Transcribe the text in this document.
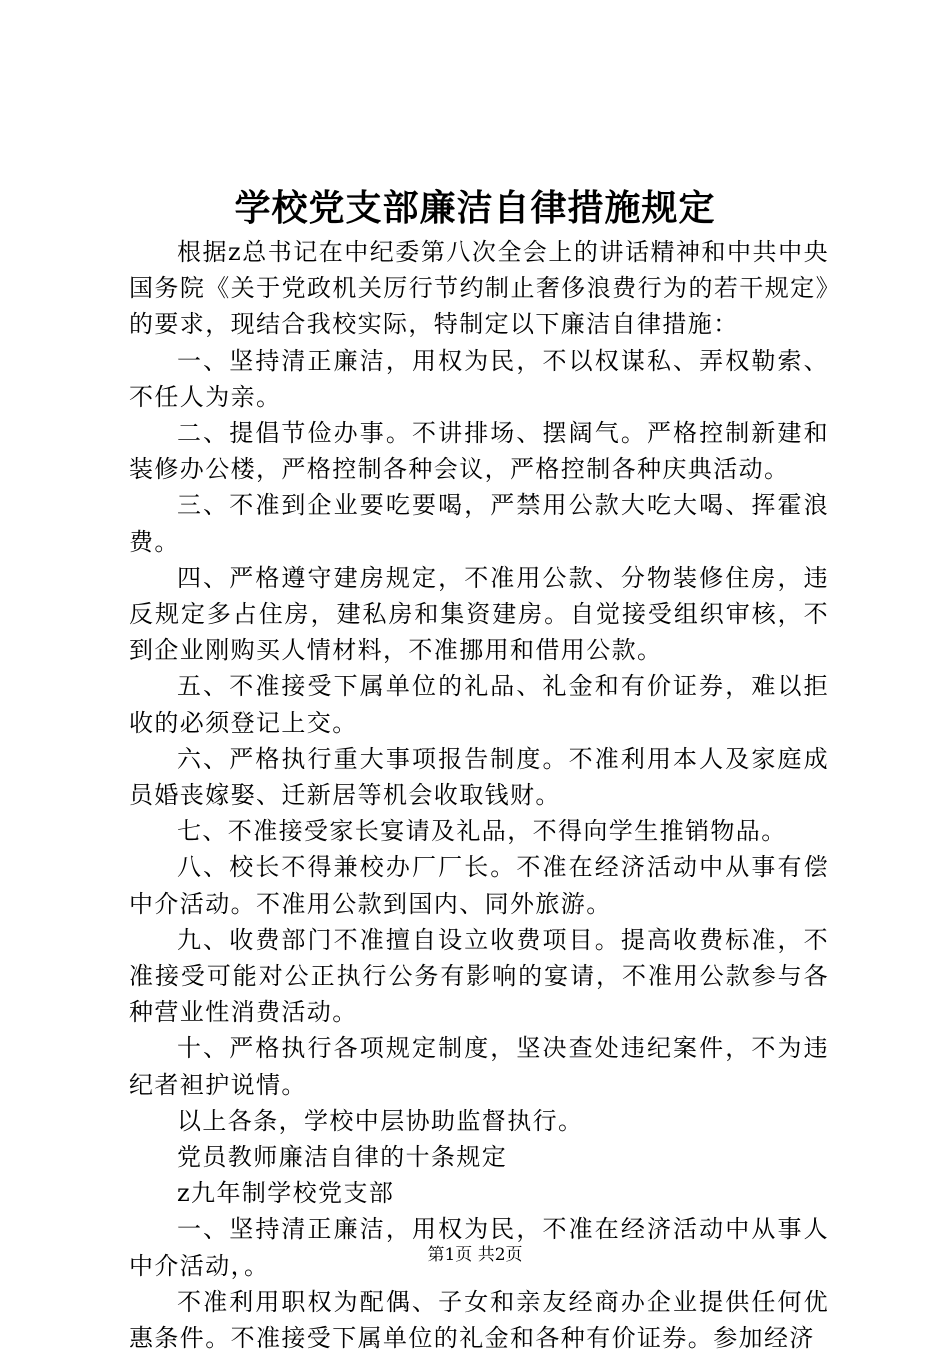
学校党支部廉洁自律措施规定

根据z总书记在中纪委第八次全会上的讲话精神和中共中央国务院《关于党政机关厉行节约制止奢侈浪费行为的若干规定》的要求，现结合我校实际，特制定以下廉洁自律措施：

一、坚持清正廉洁，用权为民，不以权谋私、弄权勒索、不任人为亲。

二、提倡节俭办事。不讲排场、摆阔气。严格控制新建和装修办公楼，严格控制各种会议，严格控制各种庆典活动。

三、不准到企业要吃要喝，严禁用公款大吃大喝、挥霍浪费。

四、严格遵守建房规定，不准用公款、分物装修住房，违反规定多占住房，建私房和集资建房。自觉接受组织审核，不到企业刚购买人情材料，不准挪用和借用公款。

五、不准接受下属单位的礼品、礼金和有价证券，难以拒收的必须登记上交。

六、严格执行重大事项报告制度。不准利用本人及家庭成员婚丧嫁娶、迁新居等机会收取钱财。

七、不准接受家长宴请及礼品，不得向学生推销物品。

八、校长不得兼校办厂厂长。不准在经济活动中从事有偿中介活动。不准用公款到国内、同外旅游。

九、收费部门不准擅自设立收费项目。提高收费标准，不准接受可能对公正执行公务有影响的宴请，不准用公款参与各种营业性消费活动。

十、严格执行各项规定制度，坚决查处违纪案件，不为违纪者袒护说情。

以上各条，学校中层协助监督执行。

党员教师廉洁自律的十条规定

z九年制学校党支部

一、坚持清正廉洁，用权为民，不准在经济活动中从事人中介活动，。

不准利用职权为配偶、子女和亲友经商办企业提供任何优惠条件。不准接受下属单位的礼金和各种有价证券。参加经济

第1页 共2页
